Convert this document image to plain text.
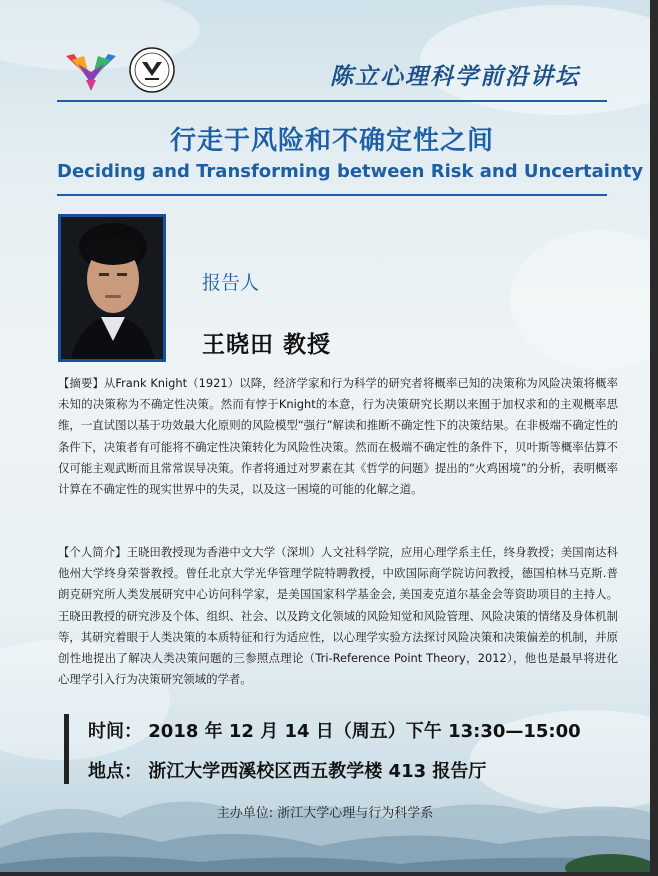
陈立心理科学前沿讲坛
行走于风险和不确定性之间
Deciding and Transforming between Risk and Uncertainty
报告人
王晓田 教授
【摘要】从Frank Knight（1921）以降，经济学家和行为科学的研究者将概率已知的决策称为风险决策将概率未知的决策称为不确定性决策。然而有悖于Knight的本意，行为决策研究长期以来囿于加权求和的主观概率思维，一直试图以基于功效最大化原则的风险模型“强行”解读和推断不确定性下的决策结果。在非极端不确定性的条件下，决策者有可能将不确定性决策转化为风险性决策。然而在极端不确定性的条件下，贝叶斯等概率估算不仅可能主观武断而且常常误导决策。作者将通过对罗素在其《哲学的问题》提出的“火鸡困境”的分析，表明概率计算在不确定性的现实世界中的失灵，以及这一困境的可能的化解之道。
【个人简介】王晓田教授现为香港中文大学（深圳）人文社科学院，应用心理学系主任，终身教授；美国南达科他州大学终身荣誉教授。曾任北京大学光华管理学院特聘教授，中欧国际商学院访问教授，德国柏林马克斯.普朗克研究所人类发展研究中心访问科学家，是美国国家科学基金会, 美国麦克道尔基金会等资助项目的主持人。王晓田教授的研究涉及个体、组织、社会、以及跨文化领域的风险知觉和风险管理、风险决策的情绪及身体机制等，其研究着眼于人类决策的本质特征和行为适应性，以心理学实验方法探讨风险决策和决策偏差的机制，并原创性地提出了解决人类决策问题的三参照点理论（Tri-Reference Point Theory，2012），他也是最早将进化心理学引入行为决策研究领域的学者。
时间： 2018 年 12 月 14 日（周五）下午 13:30—15:00
地点： 浙江大学西溪校区西五教学楼 413 报告厅
主办单位: 浙江大学心理与行为科学系
